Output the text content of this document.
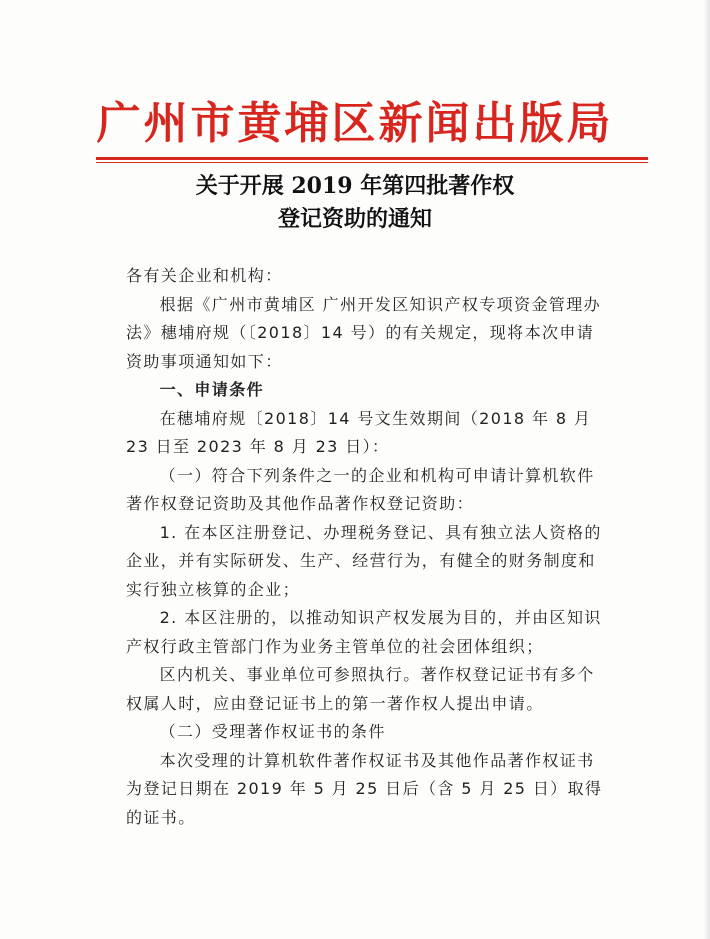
广州市黄埔区新闻出版局
关于开展 2019 年第四批著作权
登记资助的通知

各有关企业和机构：

根据《广州市黄埔区 广州开发区知识产权专项资金管理办法》穗埔府规（〔2018〕14 号）的有关规定，现将本次申请资助事项通知如下：

一、申请条件

在穗埔府规〔2018〕14 号文生效期间（2018 年 8 月 23 日至 2023 年 8 月 23 日）：

（一）符合下列条件之一的企业和机构可申请计算机软件著作权登记资助及其他作品著作权登记资助：

1. 在本区注册登记、办理税务登记、具有独立法人资格的企业，并有实际研发、生产、经营行为，有健全的财务制度和实行独立核算的企业；

2. 本区注册的，以推动知识产权发展为目的，并由区知识产权行政主管部门作为业务主管单位的社会团体组织；

区内机关、事业单位可参照执行。著作权登记证书有多个权属人时，应由登记证书上的第一著作权人提出申请。

（二）受理著作权证书的条件

本次受理的计算机软件著作权证书及其他作品著作权证书为登记日期在 2019 年 5 月 25 日后（含 5 月 25 日）取得的证书。
